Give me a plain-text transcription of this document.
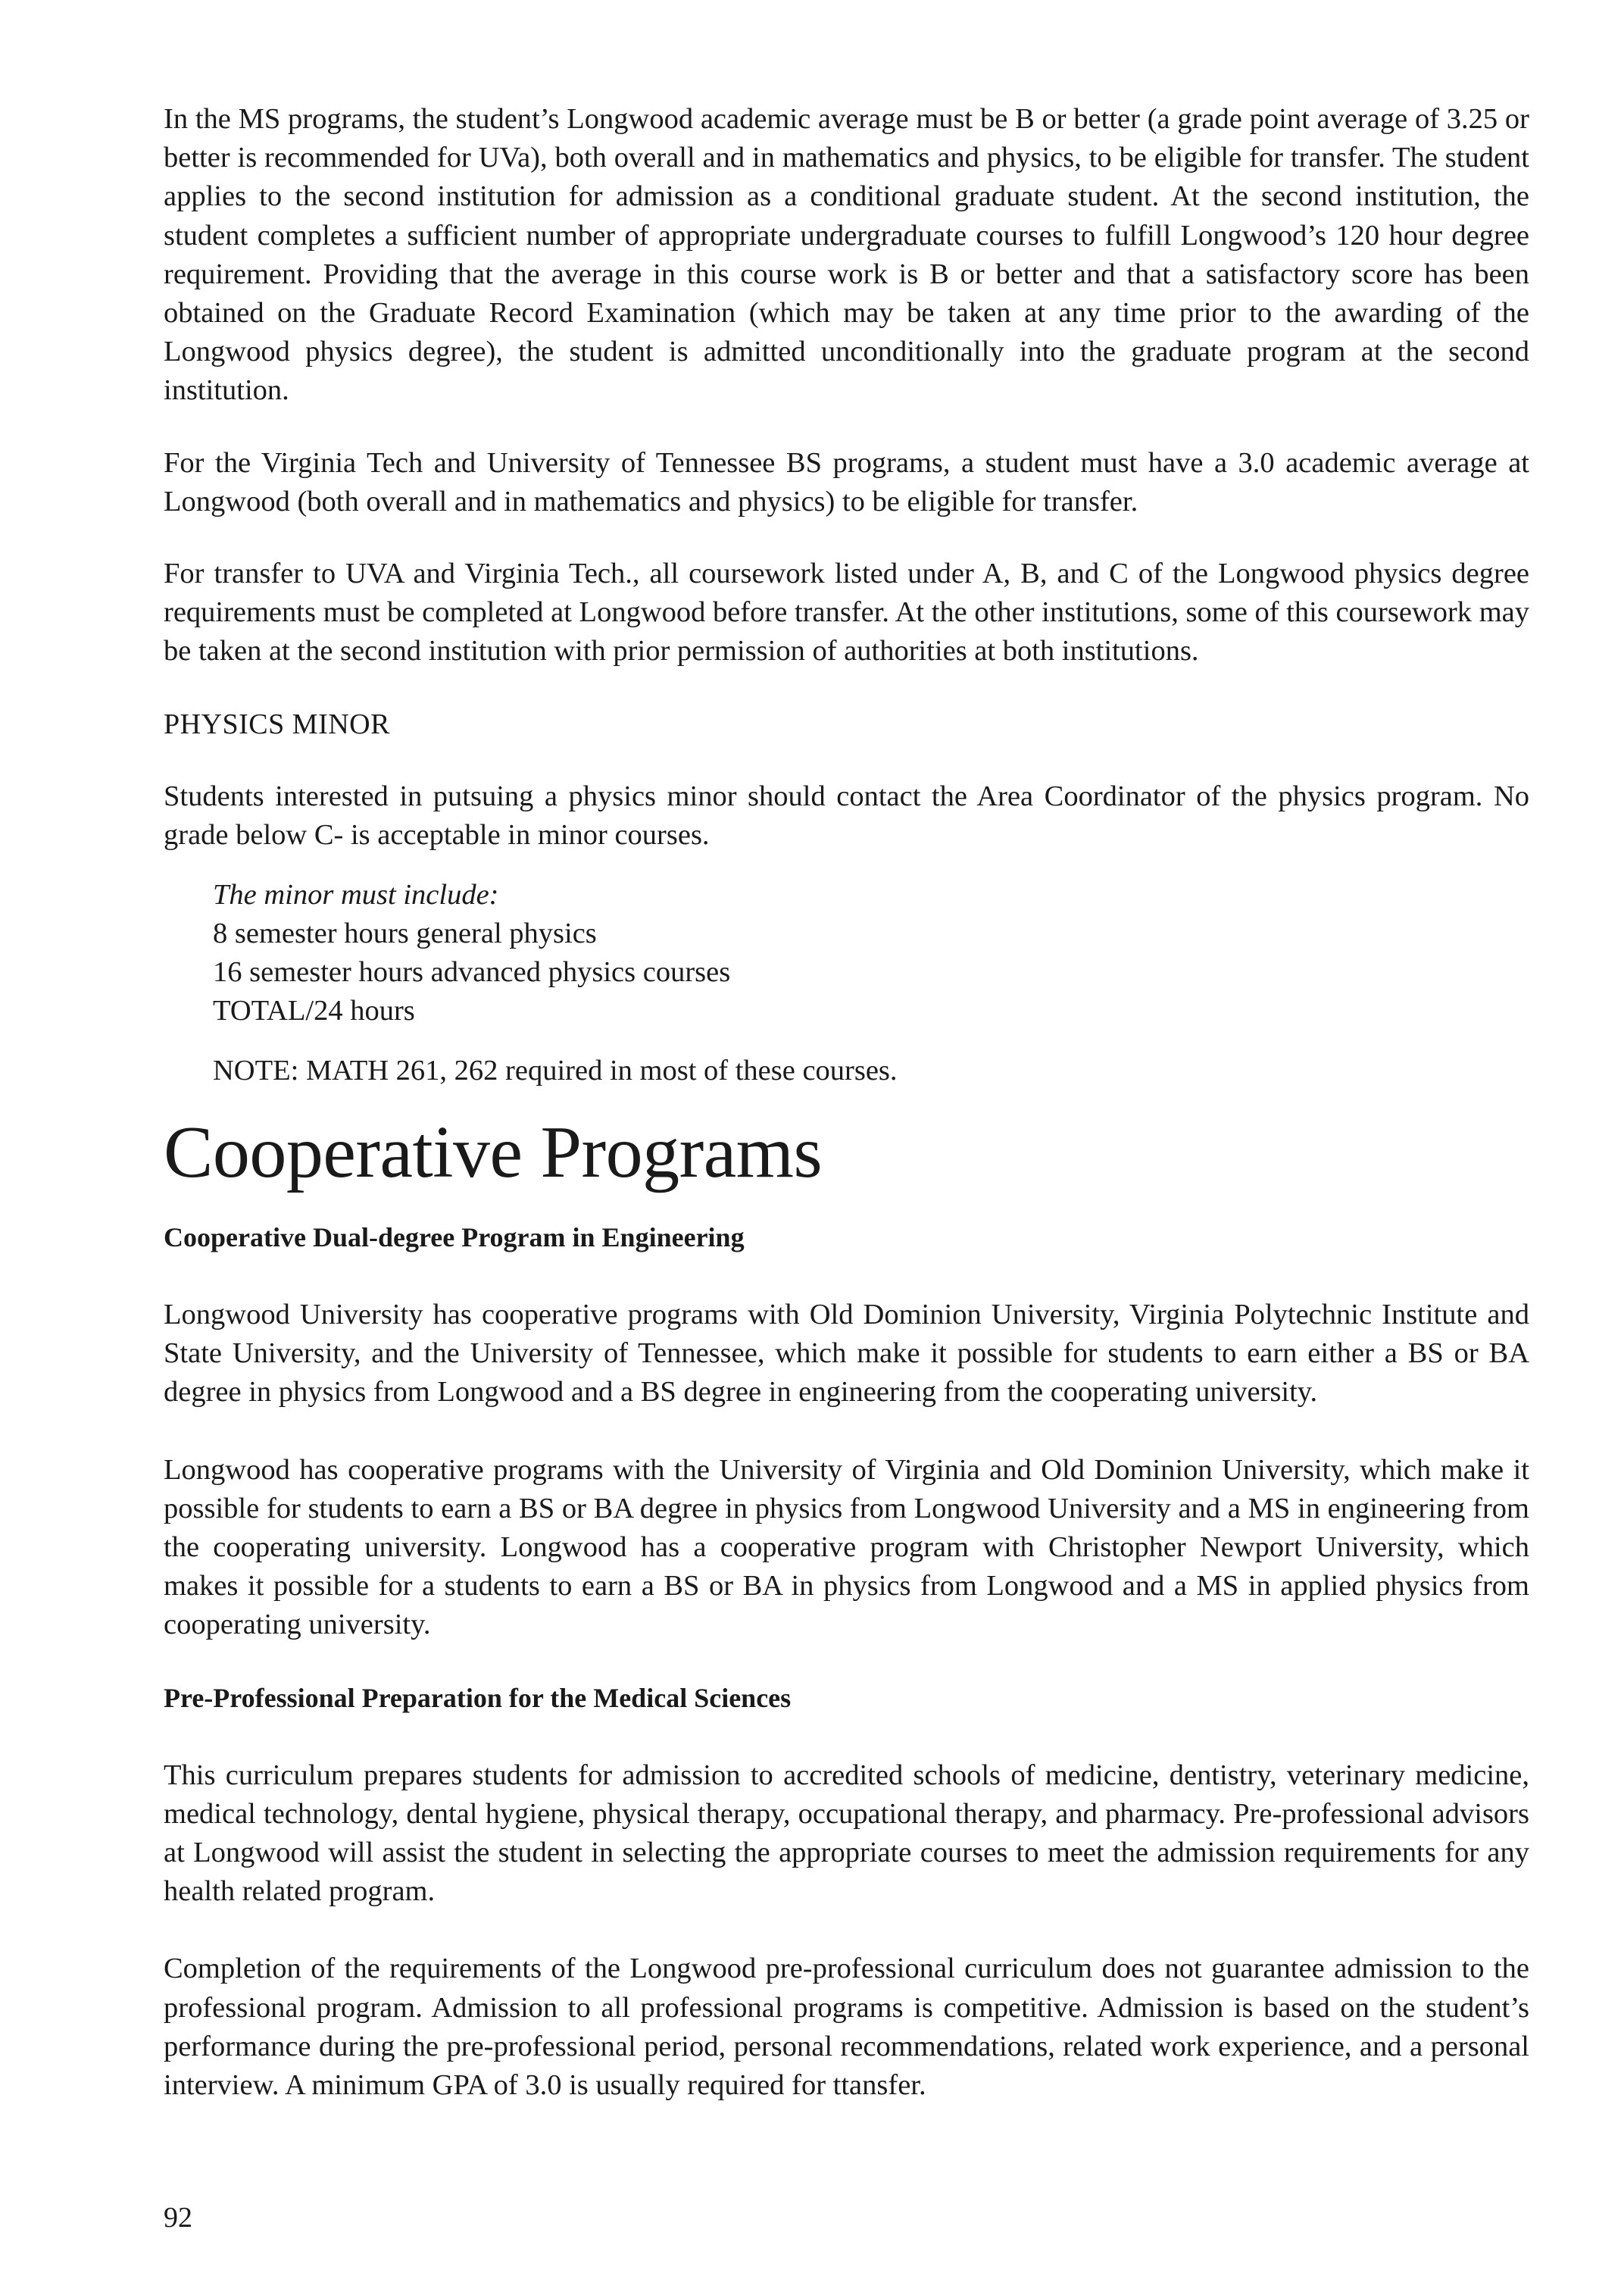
In the MS programs, the student’s Longwood academic average must be B or better (a grade point average of 3.25 or better is recommended for UVa), both overall and in mathematics and physics, to be eligible for transfer. The student applies to the second institution for admission as a conditional graduate student. At the second institution, the student completes a sufficient number of appropriate undergraduate courses to fulfill Longwood’s 120 hour degree requirement. Providing that the average in this course work is B or better and that a satisfactory score has been obtained on the Graduate Record Examination (which may be taken at any time prior to the awarding of the Longwood physics degree), the student is admitted unconditionally into the graduate program at the second institution.

For the Virginia Tech and University of Tennessee BS programs, a student must have a 3.0 academic average at Longwood (both overall and in mathematics and physics) to be eligible for transfer.

For transfer to UVA and Virginia Tech., all coursework listed under A, B, and C of the Longwood physics degree requirements must be completed at Longwood before transfer. At the other institutions, some of this coursework may be taken at the second institution with prior permission of authorities at both institutions.

PHYSICS MINOR

Students interested in putsuing a physics minor should contact the Area Coordinator of the physics program. No grade below C- is acceptable in minor courses.

The minor must include:
8 semester hours general physics
16 semester hours advanced physics courses
TOTAL/24 hours
NOTE: MATH 261, 262 required in most of these courses.
Cooperative Programs
Cooperative Dual-degree Program in Engineering

Longwood University has cooperative programs with Old Dominion University, Virginia Polytechnic Institute and State University, and the University of Tennessee, which make it possible for students to earn either a BS or BA degree in physics from Longwood and a BS degree in engineering from the cooperating university.

Longwood has cooperative programs with the University of Virginia and Old Dominion University, which make it possible for students to earn a BS or BA degree in physics from Longwood University and a MS in engineering from the cooperating university. Longwood has a cooperative program with Christopher Newport University, which makes it possible for a students to earn a BS or BA in physics from Longwood and a MS in applied physics from cooperating university.

Pre-Professional Preparation for the Medical Sciences

This curriculum prepares students for admission to accredited schools of medicine, dentistry, veterinary medicine, medical technology, dental hygiene, physical therapy, occupational therapy, and pharmacy. Pre-professional advisors at Longwood will assist the student in selecting the appropriate courses to meet the admission requirements for any health related program.

Completion of the requirements of the Longwood pre-professional curriculum does not guarantee admission to the professional program. Admission to all professional programs is competitive. Admission is based on the student’s performance during the pre-professional period, personal recommendations, related work experience, and a personal interview. A minimum GPA of 3.0 is usually required for ttansfer.

92
